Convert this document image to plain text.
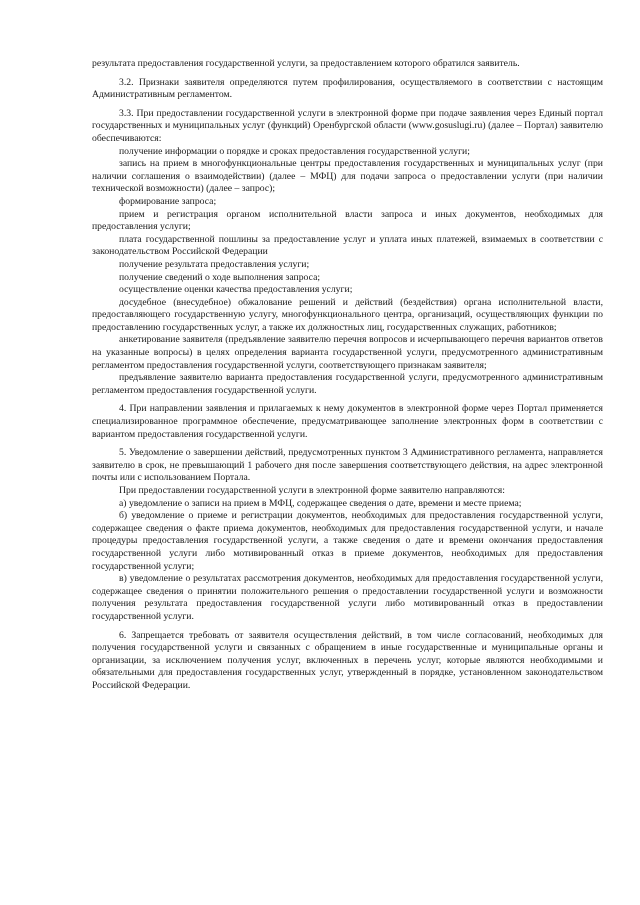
результата предоставления государственной услуги, за предоставлением которого обратился заявитель.

3.2. Признаки заявителя определяются путем профилирования, осуществляемого в соответствии с настоящим Административным регламентом.

3.3. При предоставлении государственной услуги в электронной форме при подаче заявления через Единый портал государственных и муниципальных услуг (функций) Оренбургской области (www.gosuslugi.ru) (далее – Портал) заявителю обеспечиваются:

получение информации о порядке и сроках предоставления государственной услуги;

запись на прием в многофункциональные центры предоставления государственных и муниципальных услуг (при наличии соглашения о взаимодействии) (далее – МФЦ) для подачи запроса о предоставлении услуги (при наличии технической возможности) (далее – запрос);

формирование запроса;

прием и регистрация органом исполнительной власти запроса и иных документов, необходимых для предоставления услуги;

плата государственной пошлины за предоставление услуг и уплата иных платежей, взимаемых в соответствии с законодательством Российской Федерации

получение результата предоставления услуги;

получение сведений о ходе выполнения запроса;

осуществление оценки качества предоставления услуги;

досудебное (внесудебное) обжалование решений и действий (бездействия) органа исполнительной власти, предоставляющего государственную услугу, многофункционального центра, организаций, осуществляющих функции по предоставлению государственных услуг, а также их должностных лиц, государственных служащих, работников;

анкетирование заявителя (предъявление заявителю перечня вопросов и исчерпывающего перечня вариантов ответов на указанные вопросы) в целях определения варианта государственной услуги, предусмотренного административным регламентом предоставления государственной услуги, соответствующего признакам заявителя;

предъявление заявителю варианта предоставления государственной услуги, предусмотренного административным регламентом предоставления государственной услуги.

4. При направлении заявления и прилагаемых к нему документов в электронной форме через Портал применяется специализированное программное обеспечение, предусматривающее заполнение электронных форм в соответствии с вариантом предоставления государственной услуги.

5. Уведомление о завершении действий, предусмотренных пунктом 3 Административного регламента, направляется заявителю в срок, не превышающий 1 рабочего дня после завершения соответствующего действия, на адрес электронной почты или с использованием Портала.

При предоставлении государственной услуги в электронной форме заявителю направляются:

а) уведомление о записи на прием в МФЦ, содержащее сведения о дате, времени и месте приема;

б) уведомление о приеме и регистрации документов, необходимых для предоставления государственной услуги, содержащее сведения о факте приема документов, необходимых для предоставления государственной услуги, и начале процедуры предоставления государственной услуги, а также сведения о дате и времени окончания предоставления государственной услуги либо мотивированный отказ в приеме документов, необходимых для предоставления государственной услуги;

в) уведомление о результатах рассмотрения документов, необходимых для предоставления государственной услуги, содержащее сведения о принятии положительного решения о предоставлении государственной услуги и возможности получения результата предоставления государственной услуги либо мотивированный отказ в предоставлении государственной услуги.

6. Запрещается требовать от заявителя осуществления действий, в том числе согласований, необходимых для получения государственной услуги и связанных с обращением в иные государственные и муниципальные органы и организации, за исключением получения услуг, включенных в перечень услуг, которые являются необходимыми и обязательными для предоставления государственных услуг, утвержденный в порядке, установленном законодательством Российской Федерации.
